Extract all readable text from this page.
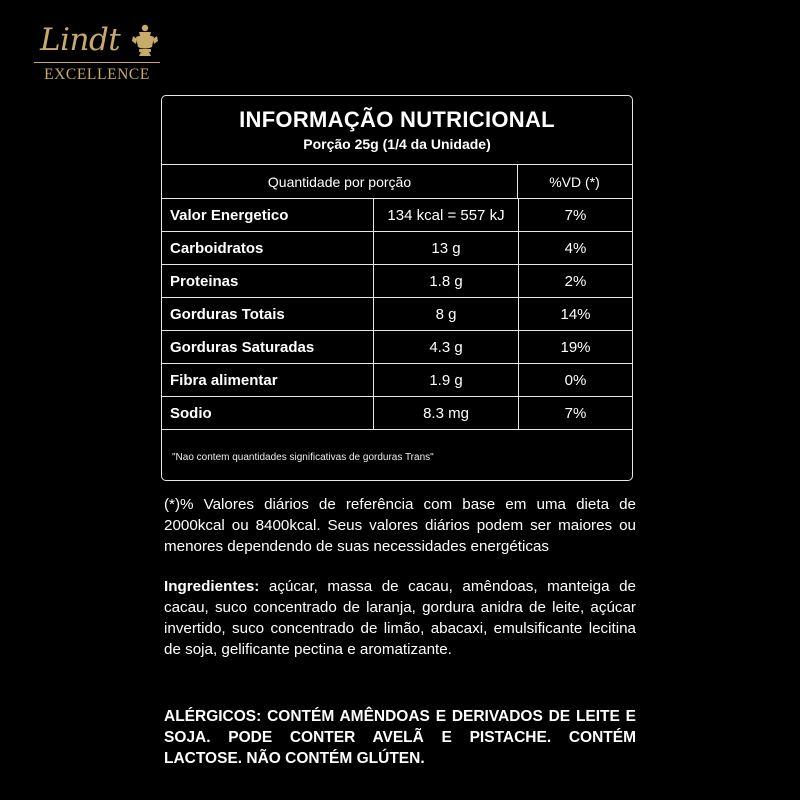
Lindt
EXCELLENCE
INFORMAÇÃO NUTRICIONAL
Porção 25g (1/4 da Unidade)
Quantidade por porção	%VD (*)
Valor Energetico	134 kcal = 557 kJ	7%
Carboidratos	13 g	4%
Proteinas	1.8 g	2%
Gorduras Totais	8 g	14%
Gorduras Saturadas	4.3 g	19%
Fibra alimentar	1.9 g	0%
Sodio	8.3 mg	7%
"Nao contem quantidades significativas de gorduras Trans"
(*)% Valores diários de referência com base em uma dieta de 2000kcal ou 8400kcal. Seus valores diários podem ser maiores ou menores dependendo de suas necessidades energéticas
Ingredientes: açúcar, massa de cacau, amêndoas, manteiga de cacau, suco concentrado de laranja, gordura anidra de leite, açúcar invertido, suco concentrado de limão, abacaxi, emulsificante lecitina de soja, gelificante pectina e aromatizante.
ALÉRGICOS: CONTÉM AMÊNDOAS E DERIVADOS DE LEITE E SOJA. PODE CONTER AVELÃ E PISTACHE. CONTÉM LACTOSE. NÃO CONTÉM GLÚTEN.
